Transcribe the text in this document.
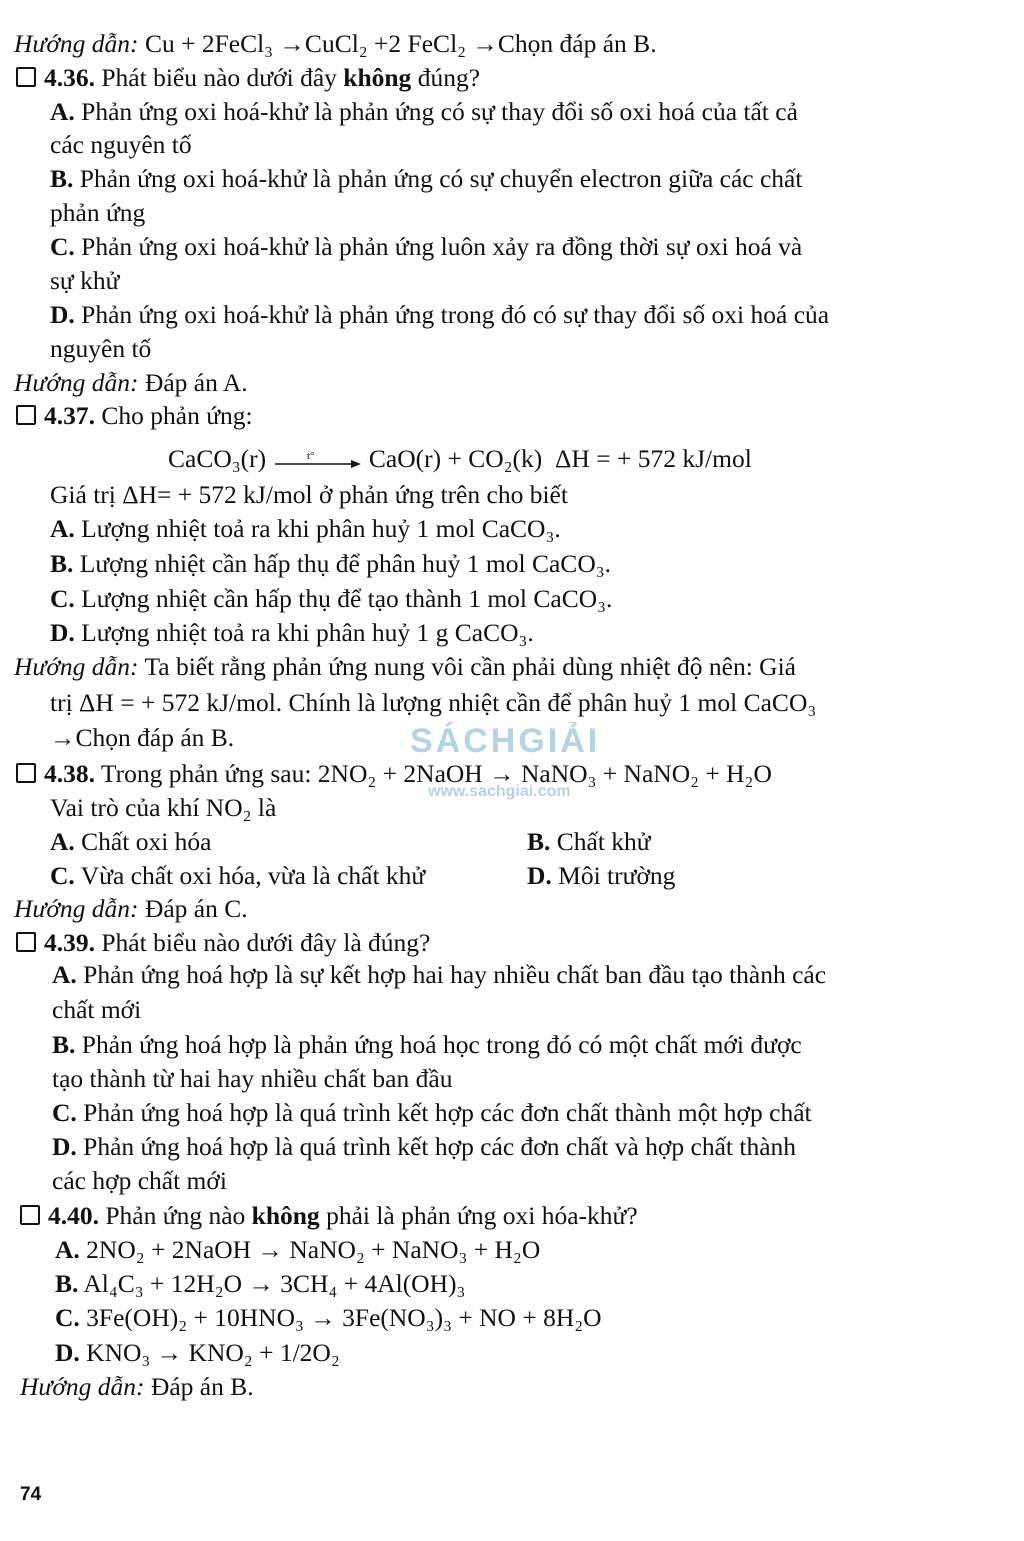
Hướng dẫn: Cu + 2FeCl₃ →CuCl₂ +2 FeCl₂ →Chọn đáp án B.
4.36. Phát biểu nào dưới đây không đúng?
A. Phản ứng oxi hoá-khử là phản ứng có sự thay đổi số oxi hoá của tất cả
các nguyên tố
B. Phản ứng oxi hoá-khử là phản ứng có sự chuyển electron giữa các chất
phản ứng
C. Phản ứng oxi hoá-khử là phản ứng luôn xảy ra đồng thời sự oxi hoá và
sự khử
D. Phản ứng oxi hoá-khử là phản ứng trong đó có sự thay đổi số oxi hoá của
nguyên tố
Hướng dẫn: Đáp án A.
4.37. Cho phản ứng:
CaCO₃(r)	t° CaO(r) + CO₂(k) ΔH = + 572 kJ/mol
Giá trị ΔH= + 572 kJ/mol ở phản ứng trên cho biết
A. Lượng nhiệt toả ra khi phân huỷ 1 mol CaCO₃.
B. Lượng nhiệt cần hấp thụ để phân huỷ 1 mol CaCO₃.
C. Lượng nhiệt cần hấp thụ để tạo thành 1 mol CaCO₃.
D. Lượng nhiệt toả ra khi phân huỷ 1 g CaCO₃.
Hướng dẫn: Ta biết rằng phản ứng nung vôi cần phải dùng nhiệt độ nên: Giá
trị ΔH = + 572 kJ/mol. Chính là lượng nhiệt cần để phân huỷ 1 mol CaCO₃
→Chọn đáp án B.
4.38. Trong phản ứng sau: 2NO₂ + 2NaOH → NaNO₃ + NaNO₂ + H₂O
Vai trò của khí NO₂ là
A. Chất oxi hóa	B. Chất khử
C. Vừa chất oxi hóa, vừa là chất khử	D. Môi trường
Hướng dẫn: Đáp án C.
4.39. Phát biểu nào dưới đây là đúng?
A. Phản ứng hoá hợp là sự kết hợp hai hay nhiều chất ban đầu tạo thành các
chất mới
B. Phản ứng hoá hợp là phản ứng hoá học trong đó có một chất mới được
tạo thành từ hai hay nhiều chất ban đầu
C. Phản ứng hoá hợp là quá trình kết hợp các đơn chất thành một hợp chất
D. Phản ứng hoá hợp là quá trình kết hợp các đơn chất và hợp chất thành
các hợp chất mới
4.40. Phản ứng nào không phải là phản ứng oxi hóa-khử?
A. 2NO₂ + 2NaOH → NaNO₂ + NaNO₃ + H₂O
B. Al₄C₃ + 12H₂O → 3CH₄ + 4Al(OH)₃
C. 3Fe(OH)₂ + 10HNO₃ → 3Fe(NO₃)₃ + NO + 8H₂O
D. KNO₃ → KNO₂ + 1/2O₂
Hướng dẫn: Đáp án B.
SÁCHGIẢI
www.sachgiai.com
74
